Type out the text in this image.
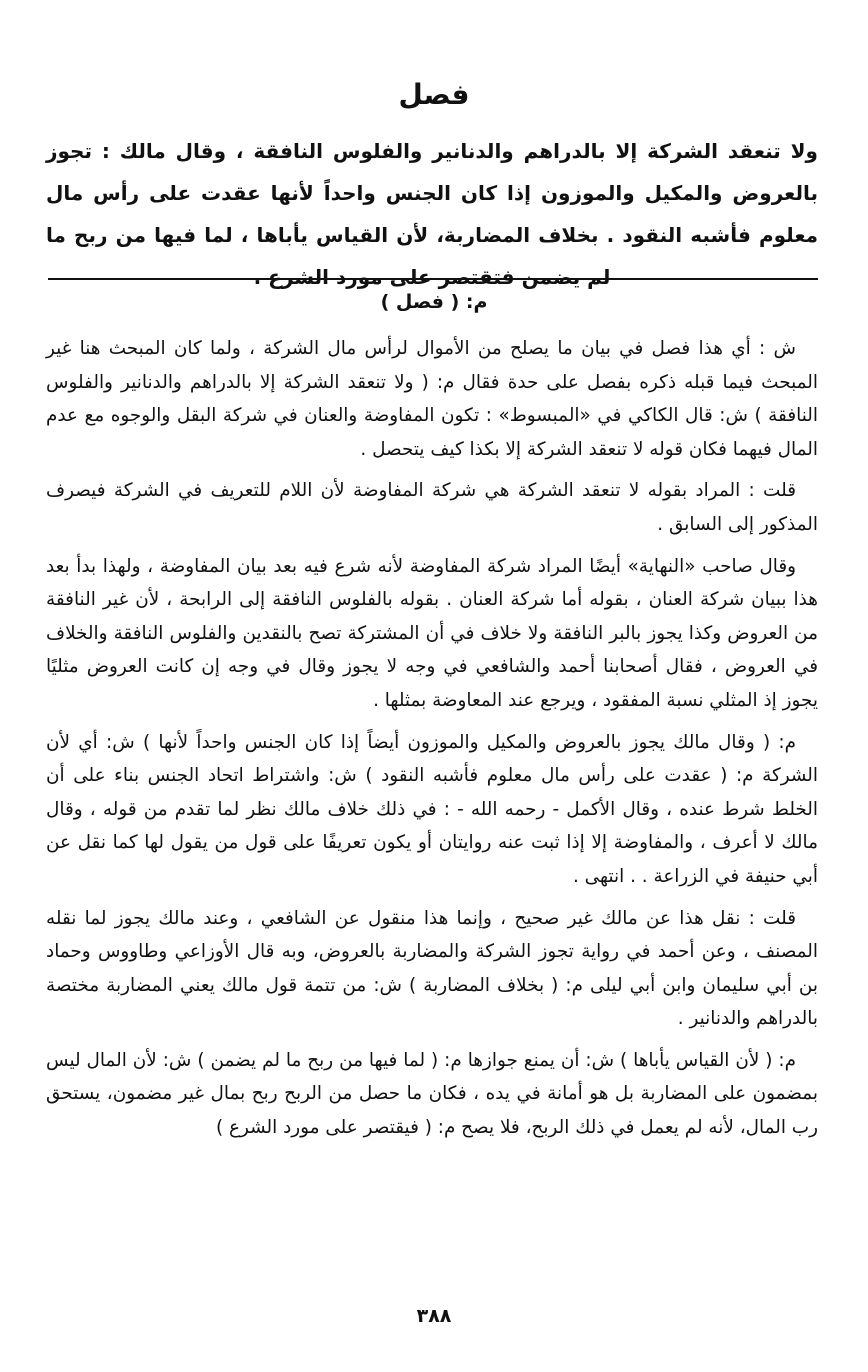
فصل
ولا تنعقد الشركة إلا بالدراهم والدنانير والفلوس النافقة ، وقال مالك : تجوز بالعروض والمكيل والموزون إذا كان الجنس واحداً لأنها عقدت على رأس مال معلوم فأشبه النقود . بخلاف المضاربة، لأن القياس يأباها ، لما فيها من ربح ما لم يضمن فتقتصر على مورد الشرع .
م: ( فصل )

ش : أي هذا فصل في بيان ما يصلح من الأموال لرأس مال الشركة ، ولما كان المبحث هنا غير المبحث فيما قبله ذكره بفصل على حدة فقال م: ( ولا تنعقد الشركة إلا بالدراهم والدنانير والفلوس النافقة ) ش: قال الكاكي في «المبسوط» : تكون المفاوضة والعنان في شركة البقل والوجوه مع عدم المال فيهما فكان قوله لا تنعقد الشركة إلا بكذا كيف يتحصل .

قلت : المراد بقوله لا تنعقد الشركة هي شركة المفاوضة لأن اللام للتعريف في الشركة فيصرف المذكور إلى السابق .

وقال صاحب «النهاية» أيضًا المراد شركة المفاوضة لأنه شرع فيه بعد بيان المفاوضة ، ولهذا بدأ بعد هذا ببيان شركة العنان ، بقوله أما شركة العنان . بقوله بالفلوس النافقة إلى الرابحة ، لأن غير النافقة من العروض وكذا يجوز بالبر النافقة ولا خلاف في أن المشتركة تصح بالنقدين والفلوس النافقة والخلاف في العروض ، فقال أصحابنا أحمد والشافعي في وجه لا يجوز وقال في وجه إن كانت العروض مثليًا يجوز إذ المثلي نسبة المفقود ، ويرجع عند المعاوضة بمثلها .

م: ( وقال مالك يجوز بالعروض والمكيل والموزون أيضاً إذا كان الجنس واحداً لأنها ) ش: أي لأن الشركة م: ( عقدت على رأس مال معلوم فأشبه النقود ) ش: واشتراط اتحاد الجنس بناء على أن الخلط شرط عنده ، وقال الأكمل - رحمه الله - : في ذلك خلاف مالك نظر لما تقدم من قوله ، وقال مالك لا أعرف ، والمفاوضة إلا إذا ثبت عنه روايتان أو يكون تعريفًا على قول من يقول لها كما نقل عن أبي حنيفة في الزراعة . . انتهى .

قلت : نقل هذا عن مالك غير صحيح ، وإنما هذا منقول عن الشافعي ، وعند مالك يجوز لما نقله المصنف ، وعن أحمد في رواية تجوز الشركة والمضاربة بالعروض، وبه قال الأوزاعي وطاووس وحماد بن أبي سليمان وابن أبي ليلى م: ( بخلاف المضاربة ) ش: من تتمة قول مالك يعني المضاربة مختصة بالدراهم والدنانير .

م: ( لأن القياس يأباها ) ش: أن يمنع جوازها م: ( لما فيها من ربح ما لم يضمن ) ش: لأن المال ليس بمضمون على المضاربة بل هو أمانة في يده ، فكان ما حصل من الربح ربح بمال غير مضمون، يستحق رب المال، لأنه لم يعمل في ذلك الربح، فلا يصح م: ( فيقتصر على مورد الشرع )

٣٨٨
